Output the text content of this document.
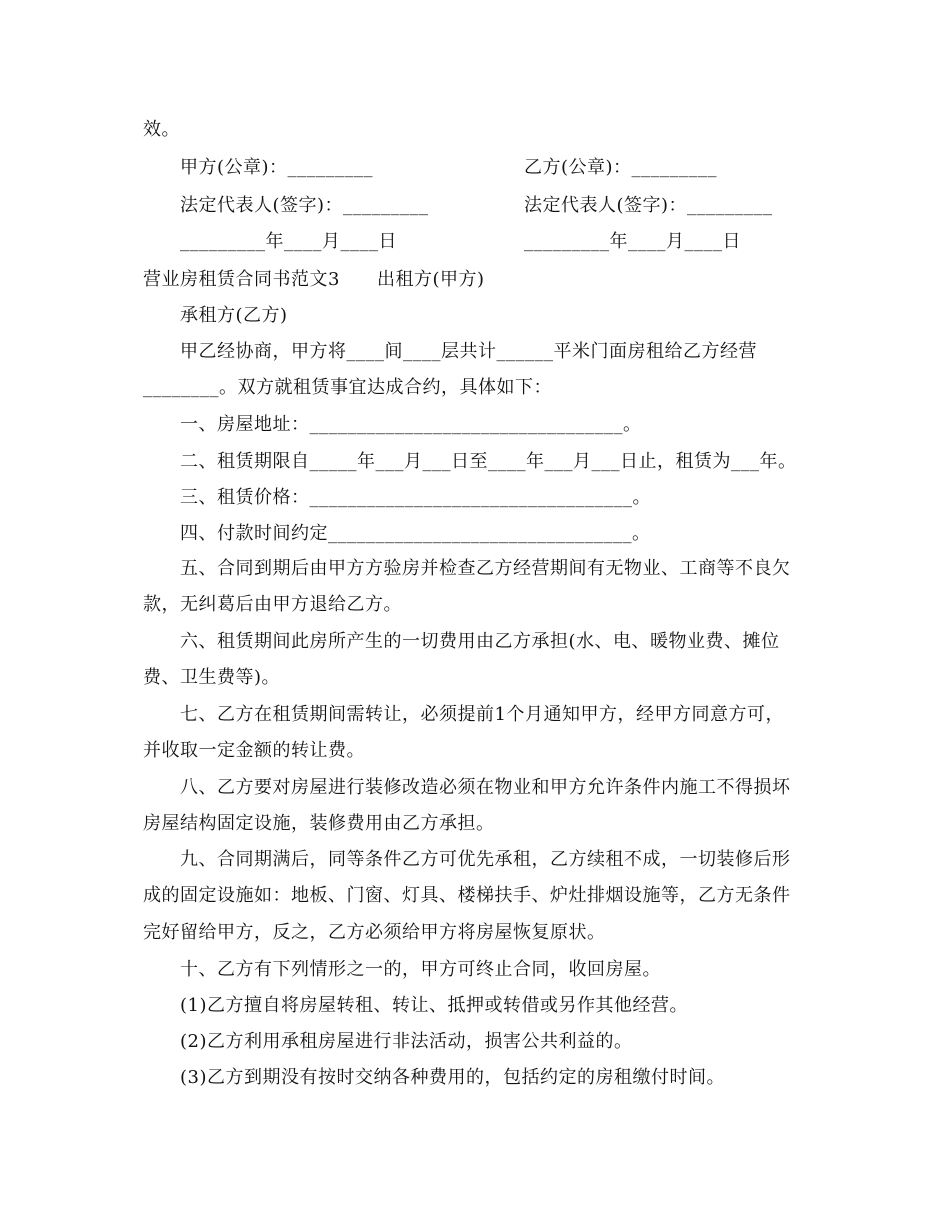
效。
甲方(公章)：_________	乙方(公章)：_________
法定代表人(签字)：_________	法定代表人(签字)：_________
_________年____月____日	_________年____月____日
营业房租赁合同书范文3　　出租方(甲方)
承租方(乙方)
甲乙经协商，甲方将____间____层共计______平米门面房租给乙方经营
________。双方就租赁事宜达成合约，具体如下：
一、房屋地址：_________________________________。
二、租赁期限自_____年___月___日至____年___月___日止，租赁为___年。
三、租赁价格：__________________________________。
四、付款时间约定________________________________。
五、合同到期后由甲方方验房并检查乙方经营期间有无物业、工商等不良欠
款，无纠葛后由甲方退给乙方。
六、租赁期间此房所产生的一切费用由乙方承担(水、电、暖物业费、摊位
费、卫生费等)。
七、乙方在租赁期间需转让，必须提前1个月通知甲方，经甲方同意方可，
并收取一定金额的转让费。
八、乙方要对房屋进行装修改造必须在物业和甲方允许条件内施工不得损坏
房屋结构固定设施，装修费用由乙方承担。
九、合同期满后，同等条件乙方可优先承租，乙方续租不成，一切装修后形
成的固定设施如：地板、门窗、灯具、楼梯扶手、炉灶排烟设施等，乙方无条件
完好留给甲方，反之，乙方必须给甲方将房屋恢复原状。
十、乙方有下列情形之一的，甲方可终止合同，收回房屋。
(1)乙方擅自将房屋转租、转让、抵押或转借或另作其他经营。
(2)乙方利用承租房屋进行非法活动，损害公共利益的。
(3)乙方到期没有按时交纳各种费用的，包括约定的房租缴付时间。
